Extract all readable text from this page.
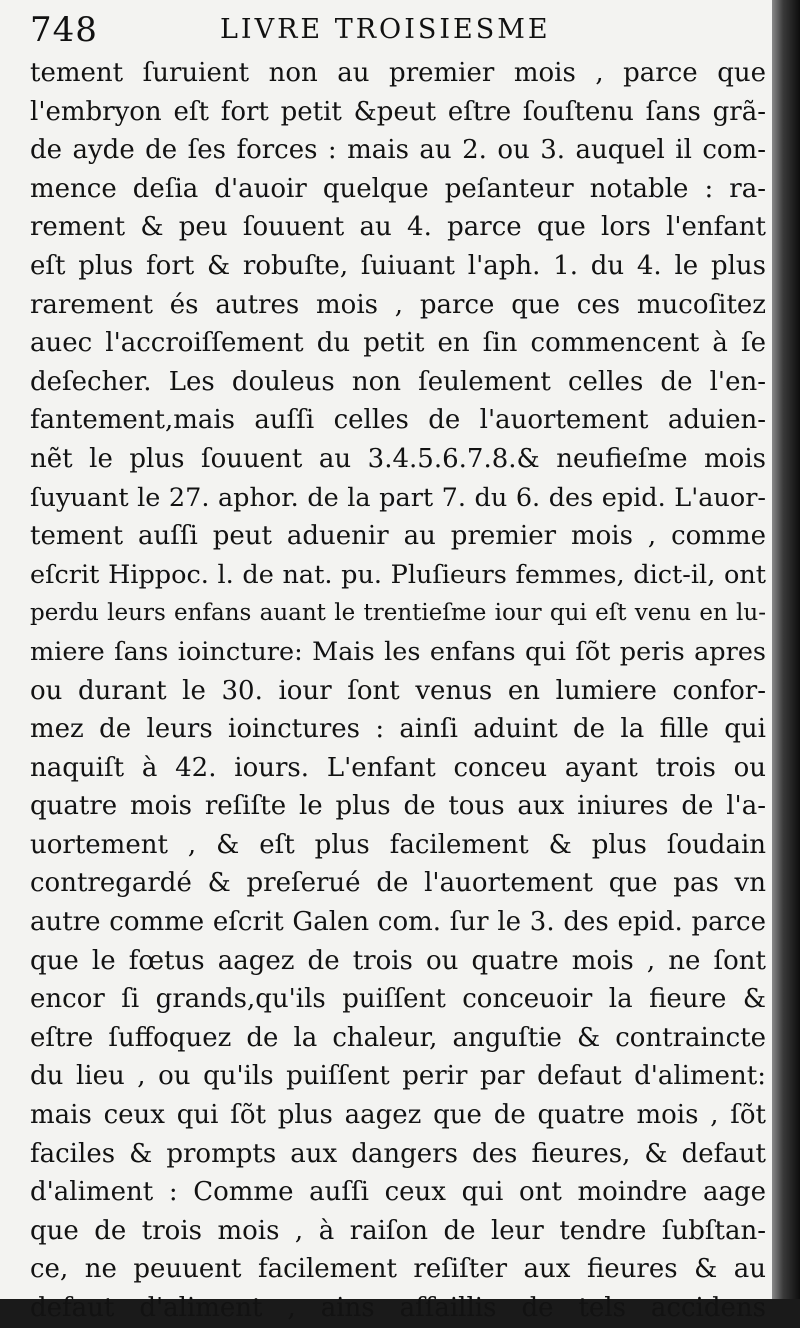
748	LIVRE TROISIESME
tement ſuruient non au premier mois , parce que
l'embryon eſt fort petit &peut eſtre ſouſtenu ſans grã-
de ayde de ſes forces : mais au 2. ou 3. auquel il com-
mence deſia d'auoir quelque peſanteur notable : ra-
rement & peu ſouuent au 4. parce que lors l'enfant
eſt plus fort & robuſte, ſuiuant l'aph. 1. du 4. le plus
rarement és autres mois , parce que ces mucoſitez
auec l'accroiſſement du petit en ſin commencent à ſe
deſecher. Les douleus non ſeulement celles de l'en-
fantement,mais auſſi celles de l'auortement aduien-
nẽt le plus ſouuent au 3.4.5.6.7.8.& neufieſme mois
ſuyuant le 27. aphor. de la part 7. du 6. des epid. L'auor-
tement auſſi peut aduenir au premier mois , comme
eſcrit Hippoc. l. de nat. pu. Pluſieurs femmes, dict-il, ont
perdu leurs enfans auant le trentieſme iour qui eſt venu en lu-
miere ſans ioincture: Mais les enfans qui ſõt peris apres
ou durant le 30. iour ſont venus en lumiere confor-
mez de leurs ioinctures : ainſi aduint de la fille qui
naquiſt à 42. iours. L'enfant conceu ayant trois ou
quatre mois reſiſte le plus de tous aux iniures de l'a-
uortement , & eſt plus facilement & plus ſoudain
contregardé & preſerué de l'auortement que pas vn
autre comme eſcrit Galen com. ſur le 3. des epid. parce
que le fœtus aagez de trois ou quatre mois , ne ſont
encor ſi grands,qu'ils puiſſent conceuoir la fieure &
eſtre ſuffoquez de la chaleur, anguſtie & contraincte
du lieu , ou qu'ils puiſſent perir par defaut d'aliment:
mais ceux qui ſõt plus aagez que de quatre mois , ſõt
faciles & prompts aux dangers des fieures, & defaut
d'aliment : Comme auſſi ceux qui ont moindre aage
que de trois mois , à raiſon de leur tendre ſubſtan-
ce, ne peuuent facilement reſiſter aux fieures & au
defaut d'aliment , ains aſſaillis de tels accidens
